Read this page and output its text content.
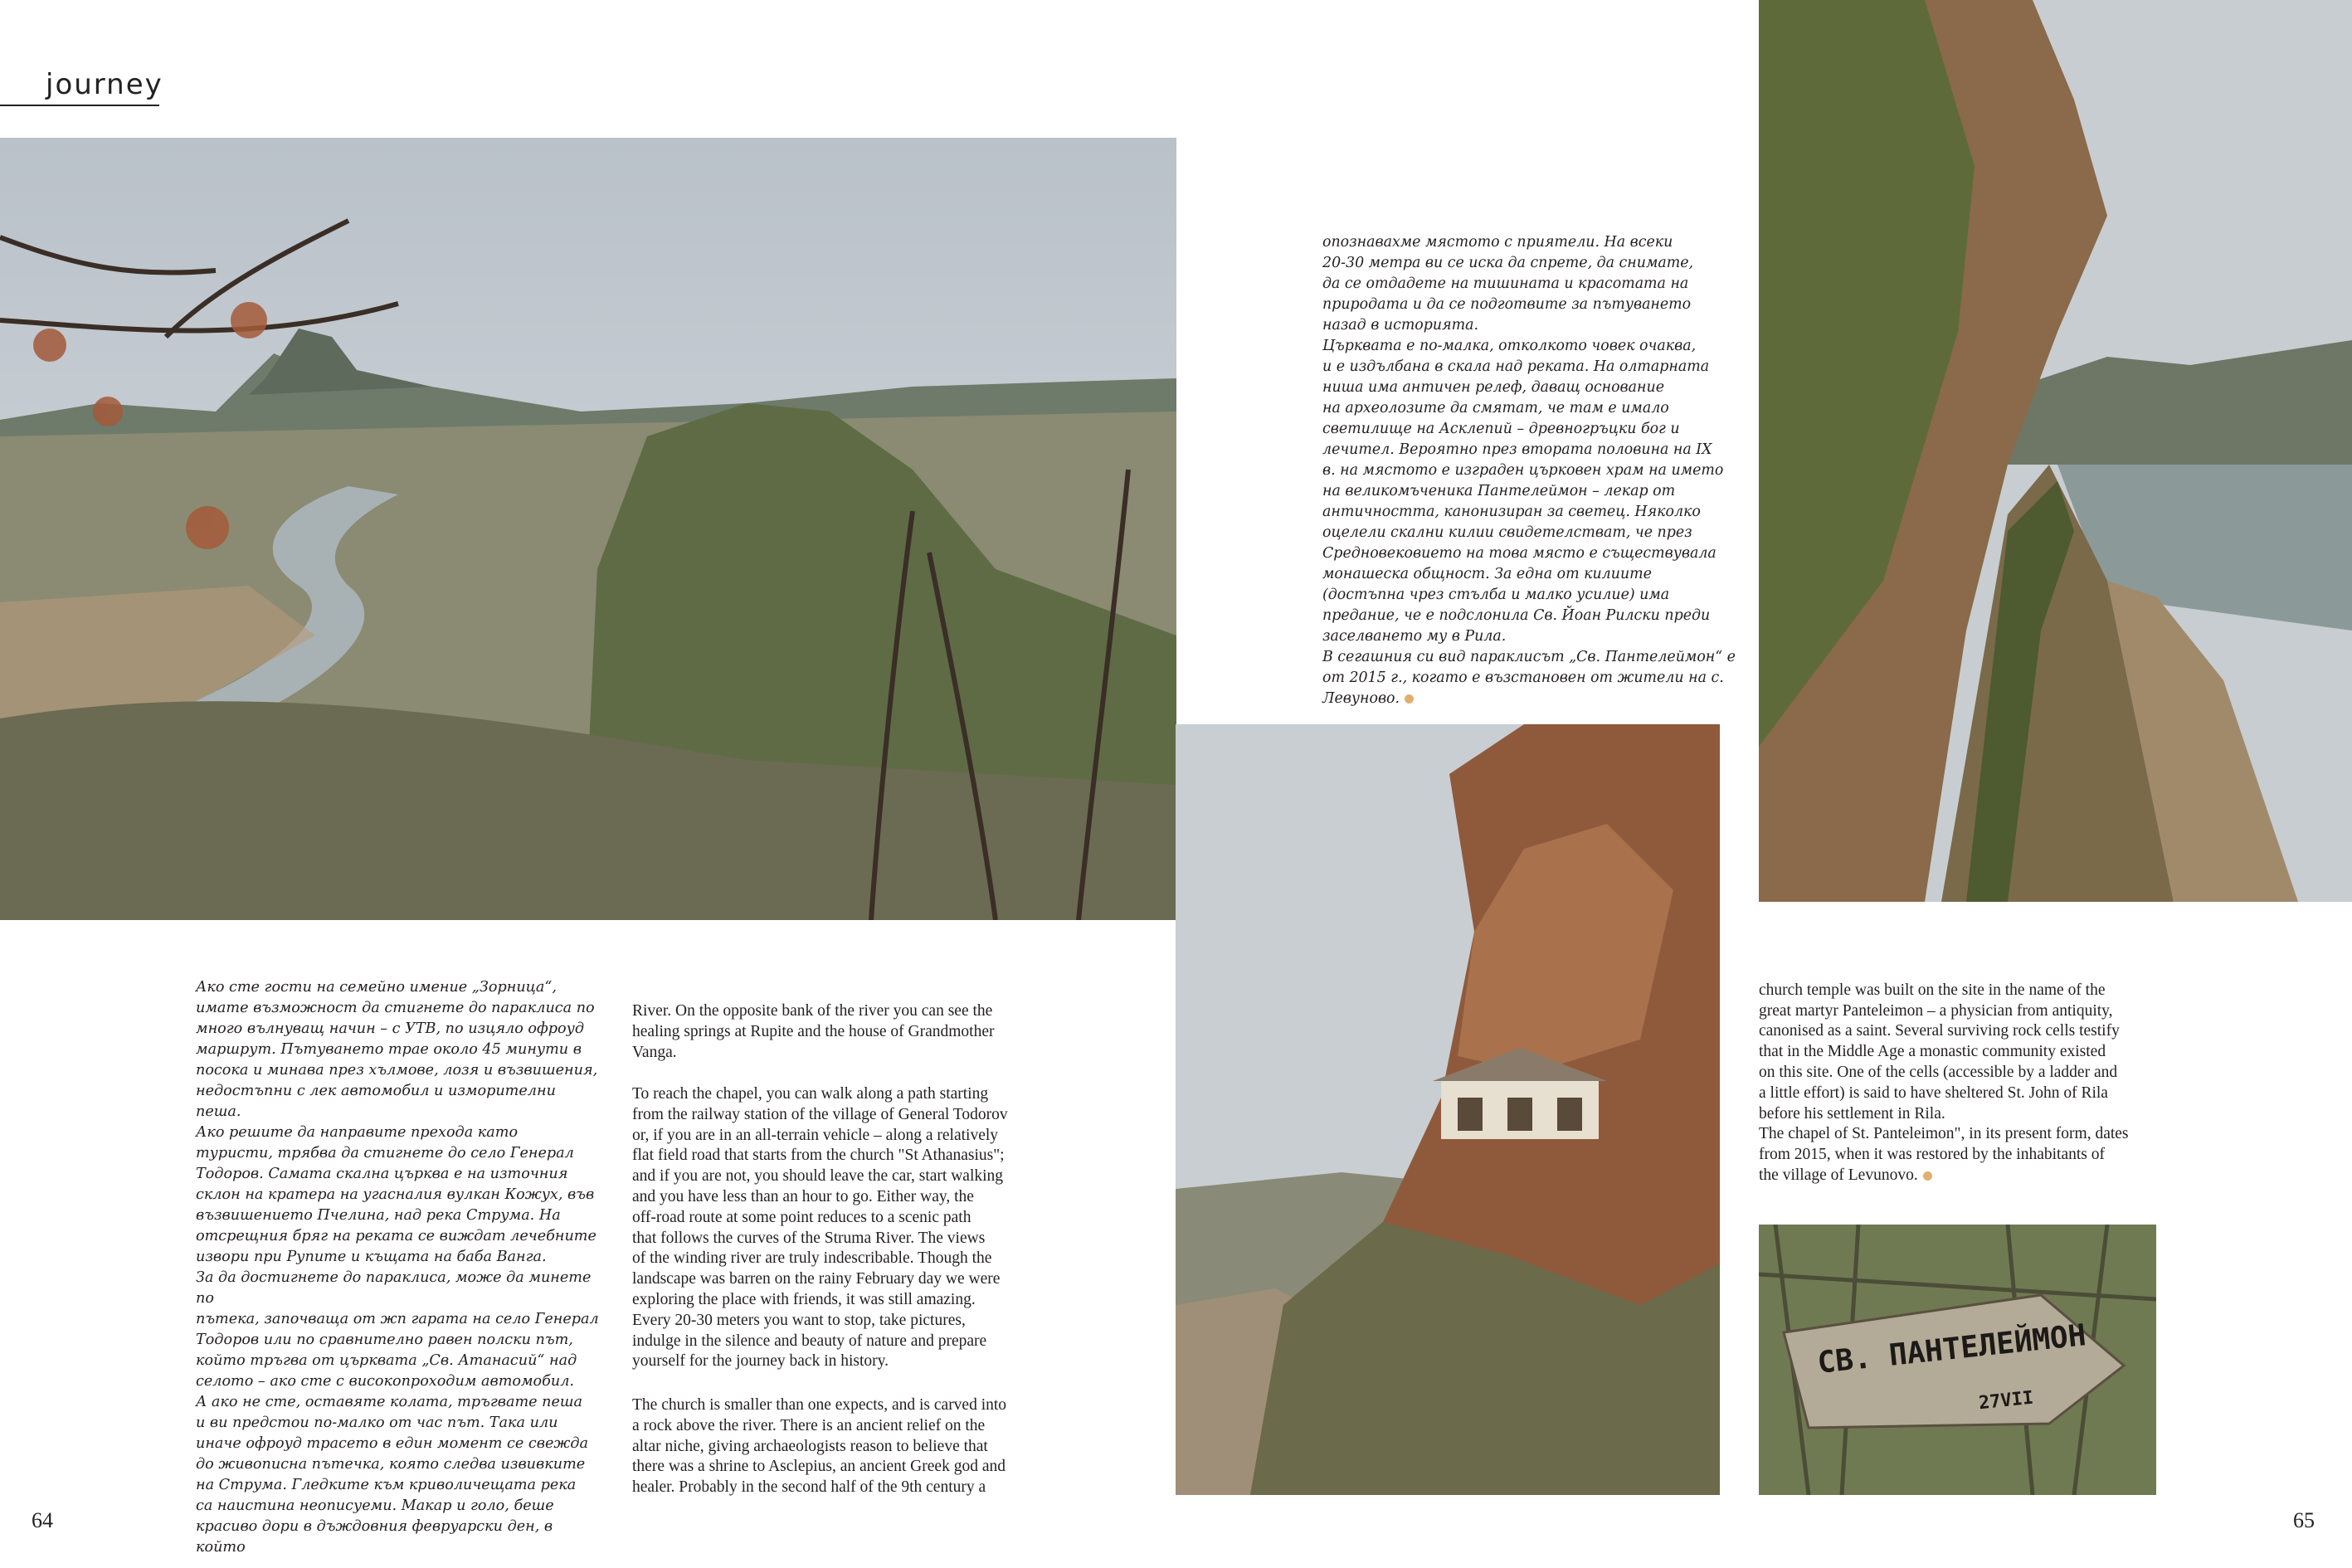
journey
СВ. ПАНТЕЛЕЙМОН
27VII
Ако сте гости на семейно имение „Зорница“,
имате възможност да стигнете до параклиса по
много вълнуващ начин – с УТВ, по изцяло офроуд
маршрут. Пътуването трае около 45 минути в
посока и минава през хълмове, лозя и възвишения,
недостъпни с лек автомобил и изморителни пеша.
Ако решите да направите прехода като
туристи, трябва да стигнете до село Генерал
Тодоров. Самата скална църква е на източния
склон на кратера на угасналия вулкан Кожух, във
възвишението Пчелина, над река Струма. На
отсрещния бряг на реката се виждат лечебните
извори при Рупите и къщата на баба Ванга.
За да достигнете до параклиса, може да минете по
пътека, започваща от жп гарата на село Генерал
Тодоров или по сравнително равен полски път,
който тръгва от църквата „Св. Атанасий“ над
селото – ако сте с високопроходим автомобил.
А ако не сте, оставяте колата, тръгвате пеша
и ви предстои по-малко от час път. Така или
иначе офроуд трасето в един момент се свежда
до живописна пътечка, която следва извивките
на Струма. Гледките към криволичещата река
са наистина неописуеми. Макар и голо, беше
красиво дори в дъждовния февруарски ден, в който
River. On the opposite bank of the river you can see the
healing springs at Rupite and the house of Grandmother
Vanga.
To reach the chapel, you can walk along a path starting
from the railway station of the village of General Todorov
or, if you are in an all-terrain vehicle – along a relatively
flat field road that starts from the church "St Athanasius";
and if you are not, you should leave the car, start walking
and you have less than an hour to go. Either way, the
off-road route at some point reduces to a scenic path
that follows the curves of the Struma River. The views
of the winding river are truly indescribable. Though the
landscape was barren on the rainy February day we were
exploring the place with friends, it was still amazing.
Every 20-30 meters you want to stop, take pictures,
indulge in the silence and beauty of nature and prepare
yourself for the journey back in history.
The church is smaller than one expects, and is carved into
a rock above the river. There is an ancient relief on the
altar niche, giving archaeologists reason to believe that
there was a shrine to Asclepius, an ancient Greek god and
healer. Probably in the second half of the 9th century a

опознавахме мястото с приятели. На всеки
20-30 метра ви се иска да спрете, да снимате,
да се отдадете на тишината и красотата на
природата и да се подготвите за пътуването
назад в историята.
Църквата е по-малка, отколкото човек очаква,
и е издълбана в скала над реката. На олтарната
ниша има античен релеф, даващ основание
на археолозите да смятат, че там е имало
светилище на Асклепий – древногръцки бог и
лечител. Вероятно през втората половина на IX
в. на мястото е изграден църковен храм на името
на великомъченика Пантелеймон – лекар от
античността, канонизиран за светец. Няколко
оцелели скални килии свидетелстват, че през
Средновековието на това място е съществувала
монашеска общност. За една от килиите
(достъпна чрез стълба и малко усилие) има
предание, че е подслонила Св. Йоан Рилски преди
заселването му в Рила.
В сегашния си вид параклисът „Св. Пантелеймон“ е
от 2015 г., когато е възстановен от жители на с.
Левуново.

church temple was built on the site in the name of the
great martyr Panteleimon – a physician from antiquity,
canonised as a saint. Several surviving rock cells testify
that in the Middle Age a monastic community existed
on this site. One of the cells (accessible by a ladder and
a little effort) is said to have sheltered St. John of Rila
before his settlement in Rila.
The chapel of St. Panteleimon", in its present form, dates
from 2015, when it was restored by the inhabitants of
the village of Levunovo.

64	65
